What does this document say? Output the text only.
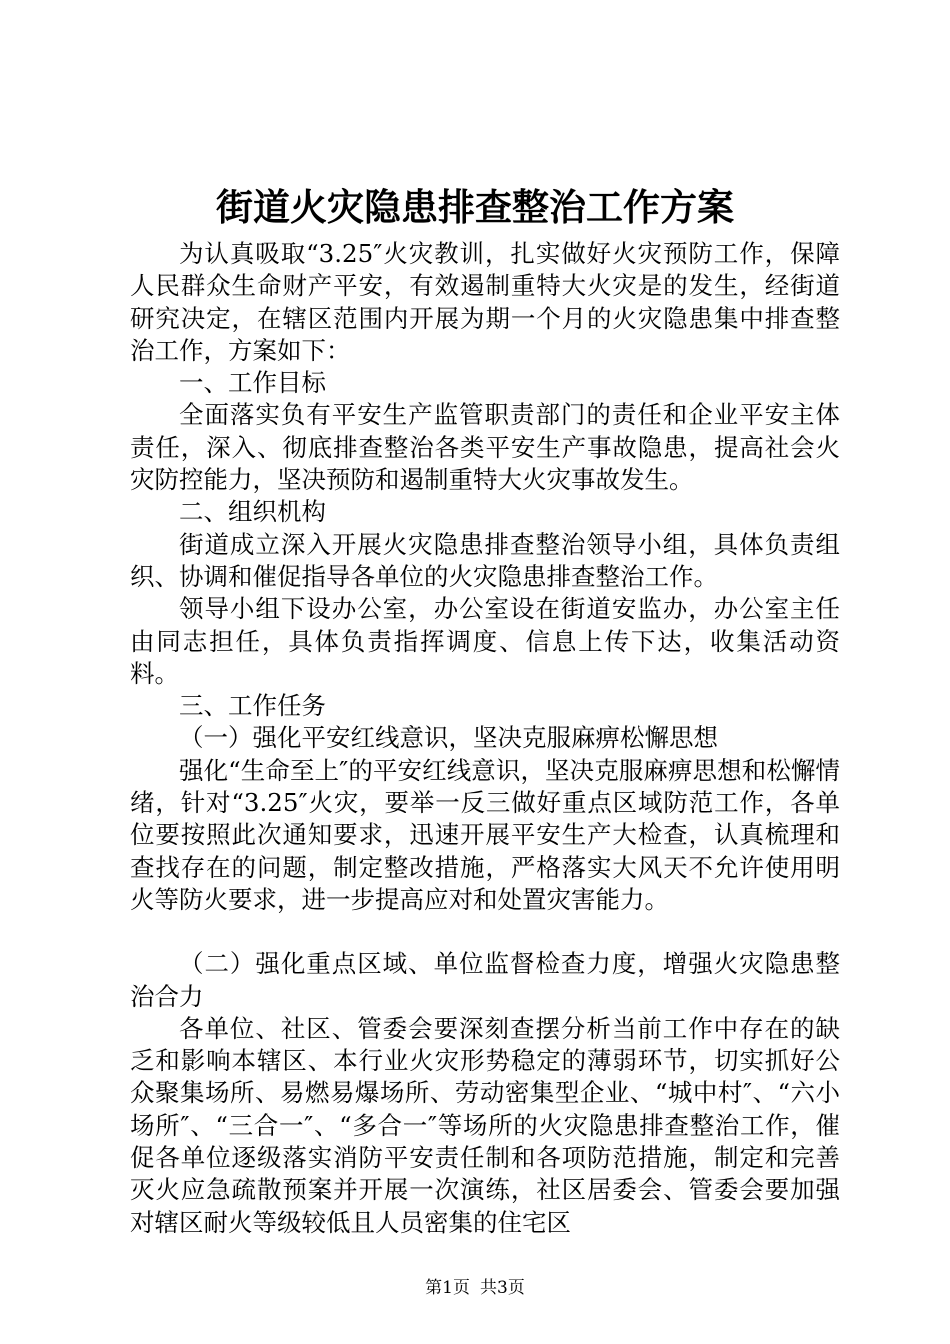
街道火灾隐患排查整治工作方案

为认真吸取“3.25″火灾教训，扎实做好火灾预防工作，保障人民群众生命财产平安，有效遏制重特大火灾是的发生，经街道研究决定，在辖区范围内开展为期一个月的火灾隐患集中排查整治工作，方案如下：

一、工作目标

全面落实负有平安生产监管职责部门的责任和企业平安主体责任，深入、彻底排查整治各类平安生产事故隐患，提高社会火灾防控能力，坚决预防和遏制重特大火灾事故发生。

二、组织机构

街道成立深入开展火灾隐患排查整治领导小组，具体负责组织、协调和催促指导各单位的火灾隐患排查整治工作。

领导小组下设办公室，办公室设在街道安监办，办公室主任由同志担任，具体负责指挥调度、信息上传下达，收集活动资料。

三、工作任务

（一）强化平安红线意识，坚决克服麻痹松懈思想

强化“生命至上″的平安红线意识，坚决克服麻痹思想和松懈情绪，针对“3.25″火灾，要举一反三做好重点区域防范工作，各单位要按照此次通知要求，迅速开展平安生产大检查，认真梳理和查找存在的问题，制定整改措施，严格落实大风天不允许使用明火等防火要求，进一步提高应对和处置灾害能力。

（二）强化重点区域、单位监督检查力度，增强火灾隐患整治合力

各单位、社区、管委会要深刻查摆分析当前工作中存在的缺乏和影响本辖区、本行业火灾形势稳定的薄弱环节，切实抓好公众聚集场所、易燃易爆场所、劳动密集型企业、“城中村″、“六小场所″、“三合一″、“多合一″等场所的火灾隐患排查整治工作，催促各单位逐级落实消防平安责任制和各项防范措施，制定和完善灭火应急疏散预案并开展一次演练，社区居委会、管委会要加强对辖区耐火等级较低且人员密集的住宅区

第1页 共3页
